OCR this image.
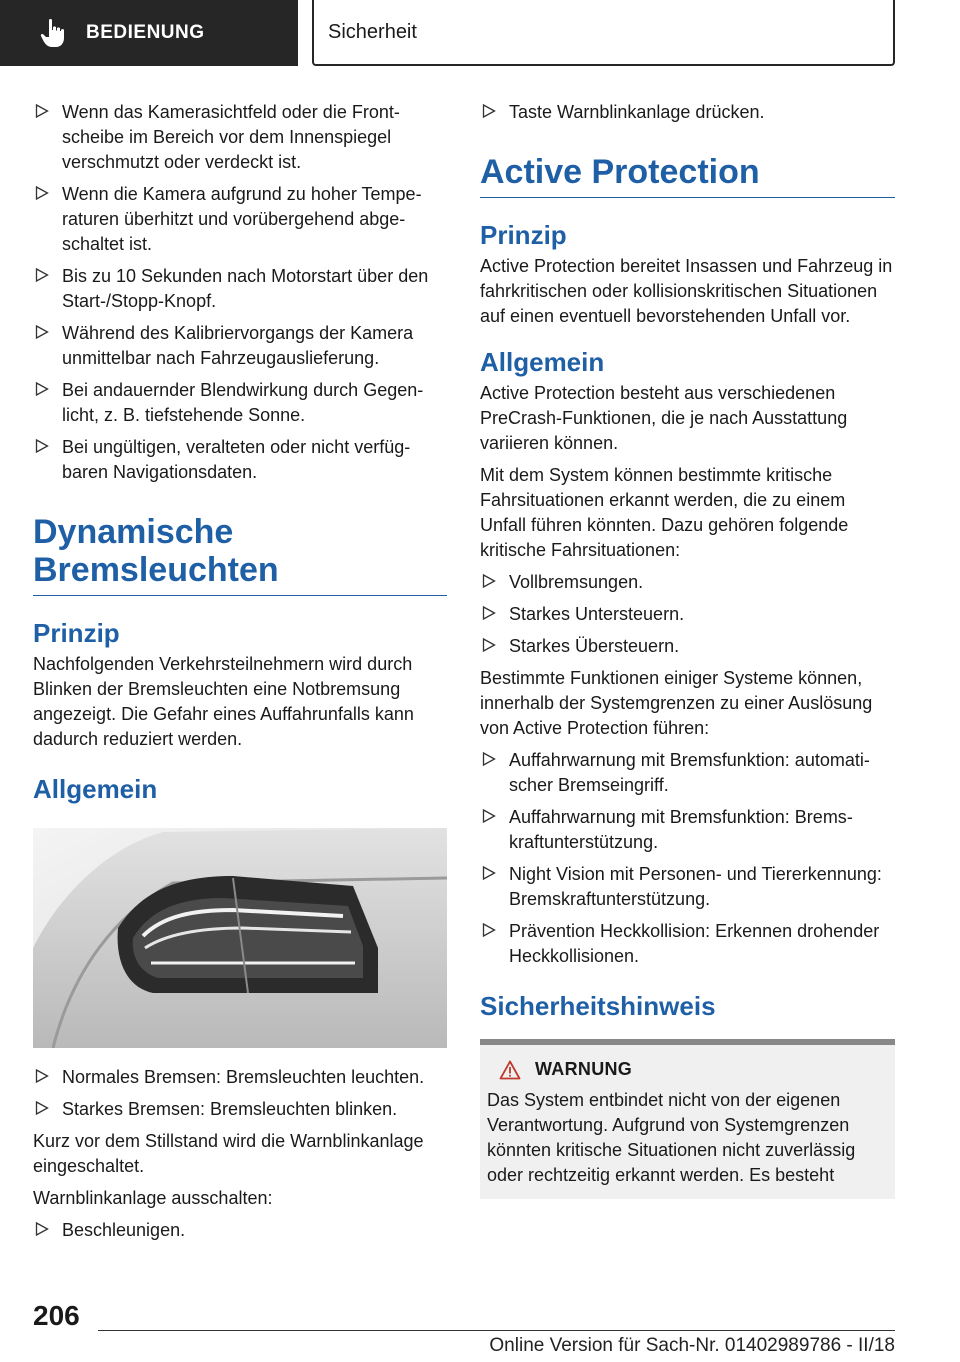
BEDIENUNG	Sicherheit
Wenn das Kamerasichtfeld oder die Frontscheibe im Bereich vor dem Innenspiegel verschmutzt oder verdeckt ist.
Wenn die Kamera aufgrund zu hoher Temperaturen überhitzt und vorübergehend abgeschaltet ist.
Bis zu 10 Sekunden nach Motorstart über den Start-/Stopp-Knopf.
Während des Kalibriervorgangs der Kamera unmittelbar nach Fahrzeugauslieferung.
Bei andauernder Blendwirkung durch Gegenlicht, z. B. tiefstehende Sonne.
Bei ungültigen, veralteten oder nicht verfügbaren Navigationsdaten.
Dynamische
Bremsleuchten
Prinzip
Nachfolgenden Verkehrsteilnehmern wird durch Blinken der Bremsleuchten eine Notbremsung angezeigt. Die Gefahr eines Auffahrunfalls kann dadurch reduziert werden.
Allgemein
Normales Bremsen: Bremsleuchten leuchten.
Starkes Bremsen: Bremsleuchten blinken.
Kurz vor dem Stillstand wird die Warnblinkanlage eingeschaltet.
Warnblinkanlage ausschalten:
Beschleunigen.
Taste Warnblinkanlage drücken.
Active Protection
Prinzip
Active Protection bereitet Insassen und Fahrzeug in fahrkritischen oder kollisionskritischen Situationen auf einen eventuell bevorstehenden Unfall vor.
Allgemein
Active Protection besteht aus verschiedenen PreCrash-Funktionen, die je nach Ausstattung variieren können.
Mit dem System können bestimmte kritische Fahrsituationen erkannt werden, die zu einem Unfall führen könnten. Dazu gehören folgende kritische Fahrsituationen:
Vollbremsungen.
Starkes Untersteuern.
Starkes Übersteuern.
Bestimmte Funktionen einiger Systeme können, innerhalb der Systemgrenzen zu einer Auslösung von Active Protection führen:
Auffahrwarnung mit Bremsfunktion: automatischer Bremseingriff.
Auffahrwarnung mit Bremsfunktion: Bremskraftunterstützung.
Night Vision mit Personen- und Tiererkennung: Bremskraftunterstützung.
Prävention Heckkollision: Erkennen drohender Heckkollisionen.
Sicherheitshinweis
WARNUNG
Das System entbindet nicht von der eigenen Verantwortung. Aufgrund von Systemgrenzen könnten kritische Situationen nicht zuverlässig oder rechtzeitig erkannt werden. Es besteht
206
Online Version für Sach-Nr. 01402989786 - II/18
